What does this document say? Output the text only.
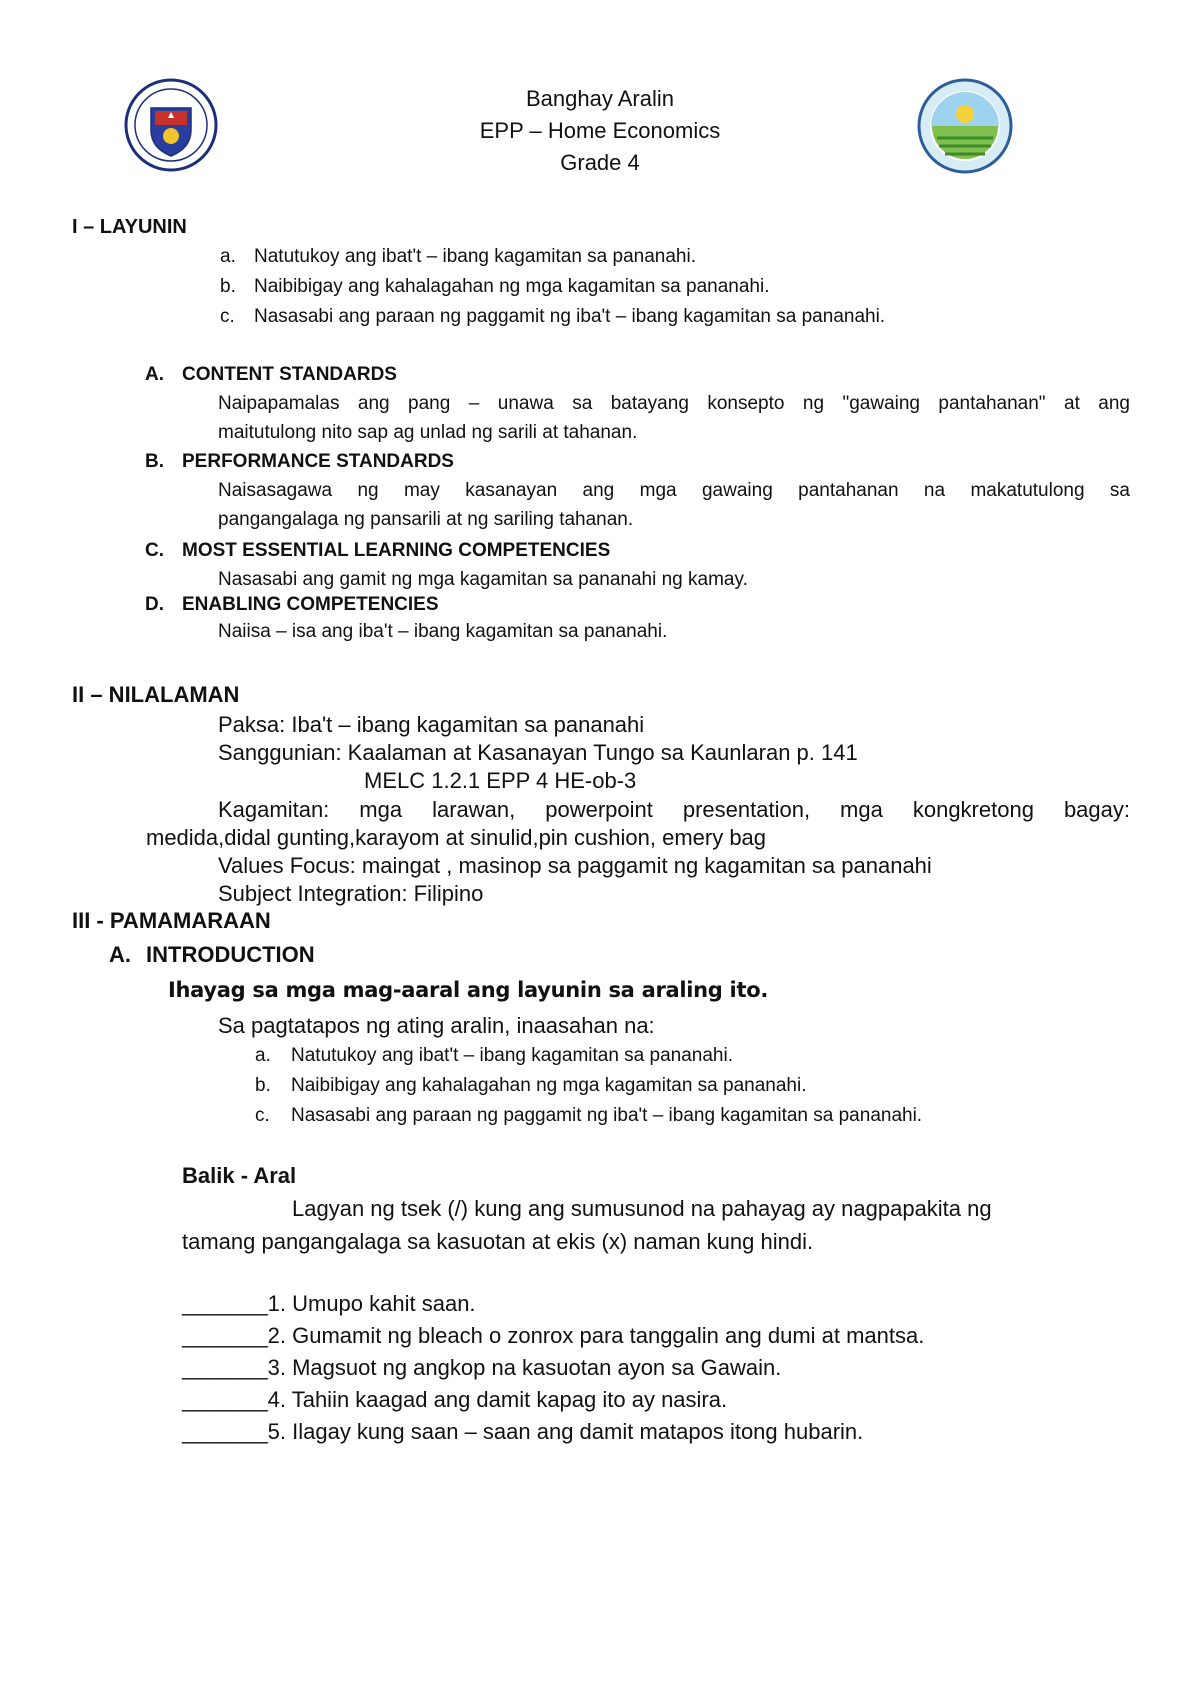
Banghay Aralin
EPP – Home Economics
Grade 4
I – LAYUNIN
a. Natutukoy ang ibat't – ibang kagamitan sa pananahi.
b. Naibibigay ang kahalagahan ng mga kagamitan sa pananahi.
c. Nasasabi ang paraan ng paggamit ng iba't – ibang kagamitan sa pananahi.
A. CONTENT STANDARDS
Naipapamalas ang pang – unawa sa batayang konsepto ng "gawaing pantahanan" at ang
maitutulong nito sap ag unlad ng sarili at tahanan.
B. PERFORMANCE STANDARDS
Naisasagawa ng may kasanayan ang mga gawaing pantahanan na makatutulong sa
pangangalaga ng pansarili at ng sariling tahanan.
C. MOST ESSENTIAL LEARNING COMPETENCIES
Nasasabi ang gamit ng mga kagamitan sa pananahi ng kamay.
D. ENABLING COMPETENCIES
Naiisa – isa ang iba't – ibang kagamitan sa pananahi.
II – NILALAMAN
Paksa: Iba't – ibang kagamitan sa pananahi
Sanggunian: Kaalaman at Kasanayan Tungo sa Kaunlaran p. 141
MELC 1.2.1 EPP 4 HE-ob-3
Kagamitan: mga larawan, powerpoint presentation, mga kongkretong bagay:
medida,didal gunting,karayom at sinulid,pin cushion, emery bag
Values Focus: maingat , masinop sa paggamit ng kagamitan sa pananahi
Subject Integration: Filipino
III - PAMAMARAAN
A. INTRODUCTION
Ihayag sa mga mag-aaral ang layunin sa araling ito.
Sa pagtatapos ng ating aralin, inaasahan na:
a. Natutukoy ang ibat't – ibang kagamitan sa pananahi.
b. Naibibigay ang kahalagahan ng mga kagamitan sa pananahi.
c. Nasasabi ang paraan ng paggamit ng iba't – ibang kagamitan sa pananahi.
Balik - Aral
Lagyan ng tsek (/) kung ang sumusunod na pahayag ay nagpapakita ng
tamang pangangalaga sa kasuotan at ekis (x) naman kung hindi.
_______1. Umupo kahit saan.
_______2. Gumamit ng bleach o zonrox para tanggalin ang dumi at mantsa.
_______3. Magsuot ng angkop na kasuotan ayon sa Gawain.
_______4. Tahiin kaagad ang damit kapag ito ay nasira.
_______5. Ilagay kung saan – saan ang damit matapos itong hubarin.
